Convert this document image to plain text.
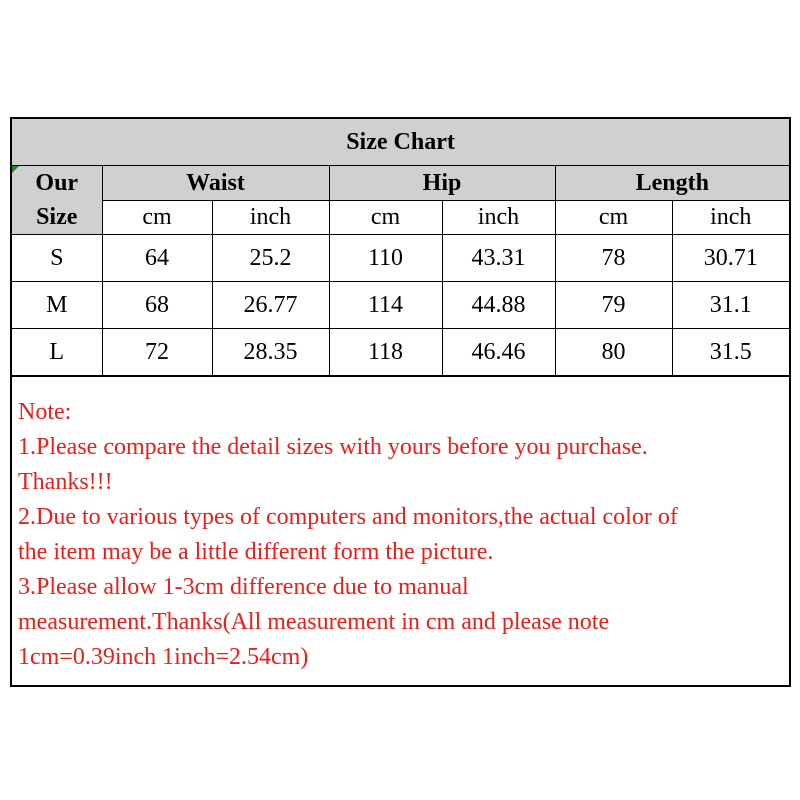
Size Chart						

Our Size	Waist		Hip		Length	
	cm	inch	cm	inch	cm	inch
S	64	25.2	110	43.31	78	30.71
M	68	26.77	114	44.88	79	31.1
L	72	28.35	118	46.46	80	31.5
Note:
1.Please compare the detail sizes with yours before you purchase.
Thanks!!!
2.Due to various types of computers and monitors,the actual color of
the item may be a little different form the picture.
3.Please allow 1-3cm difference due to manual
measurement.Thanks(All measurement in cm and please note
1cm=0.39inch 1inch=2.54cm)
